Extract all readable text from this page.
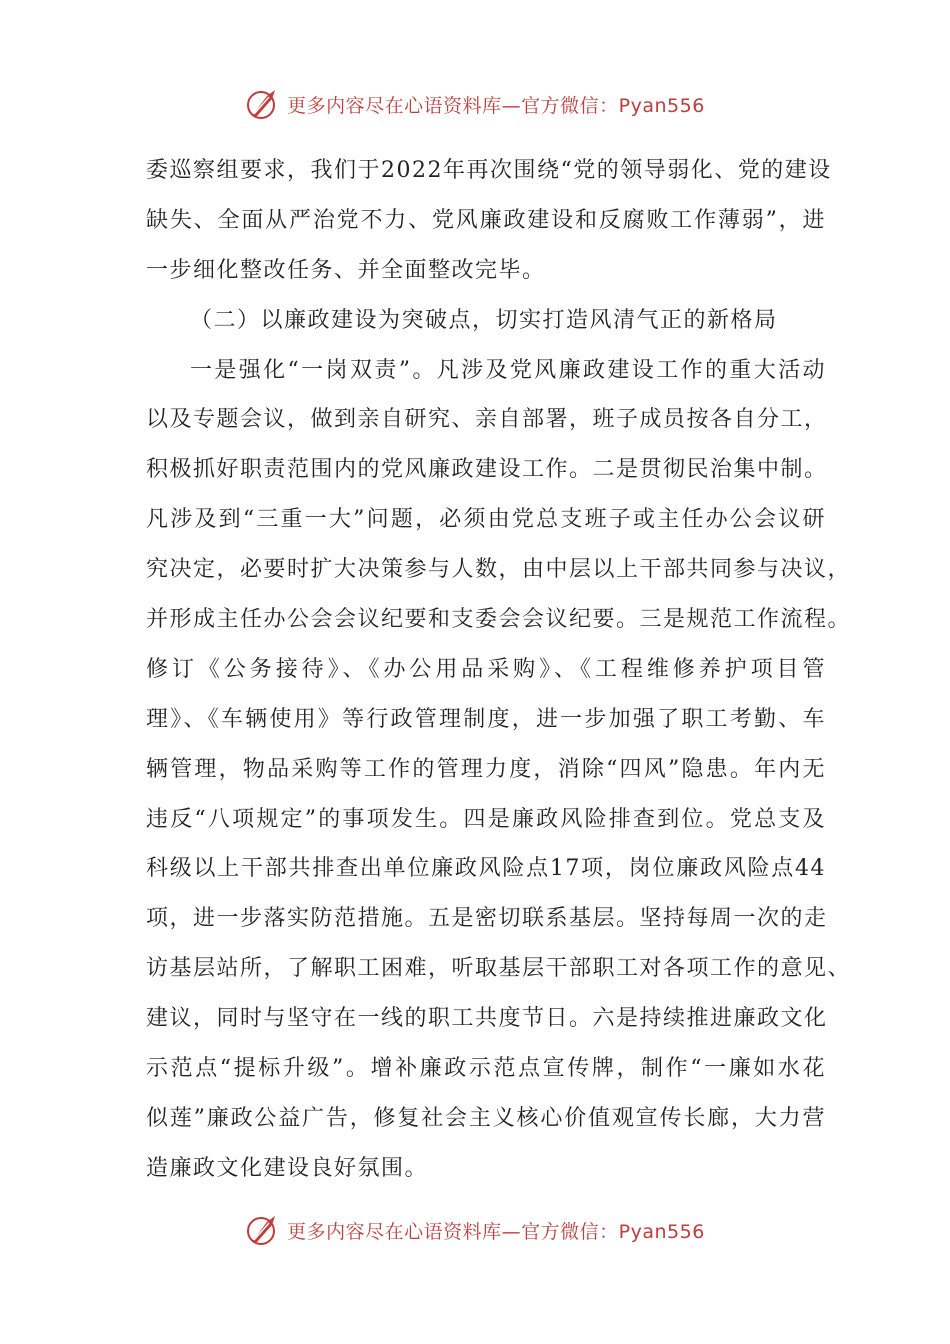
更多内容尽在心语资料库—官方微信：Pyan556

委巡察组要求，我们于2022年再次围绕“党的领导弱化、党的建设

缺失、全面从严治党不力、党风廉政建设和反腐败工作薄弱”，进

一步细化整改任务、并全面整改完毕。

（二）以廉政建设为突破点，切实打造风清气正的新格局

一是强化“一岗双责”。凡涉及党风廉政建设工作的重大活动

以及专题会议，做到亲自研究、亲自部署，班子成员按各自分工，

积极抓好职责范围内的党风廉政建设工作。二是贯彻民治集中制。

凡涉及到“三重一大”问题，必须由党总支班子或主任办公会议研

究决定，必要时扩大决策参与人数，由中层以上干部共同参与决议，

并形成主任办公会会议纪要和支委会会议纪要。三是规范工作流程。

修订《公务接待》、《办公用品采购》、《工程维修养护项目管

理》、《车辆使用》等行政管理制度，进一步加强了职工考勤、车

辆管理，物品采购等工作的管理力度，消除“四风”隐患。年内无

违反“八项规定”的事项发生。四是廉政风险排查到位。党总支及

科级以上干部共排查出单位廉政风险点17项，岗位廉政风险点44

项，进一步落实防范措施。五是密切联系基层。坚持每周一次的走

访基层站所，了解职工困难，听取基层干部职工对各项工作的意见、

建议，同时与坚守在一线的职工共度节日。六是持续推进廉政文化

示范点“提标升级”。增补廉政示范点宣传牌，制作“一廉如水花

似莲”廉政公益广告，修复社会主义核心价值观宣传长廊，大力营

造廉政文化建设良好氛围。

更多内容尽在心语资料库—官方微信：Pyan556
